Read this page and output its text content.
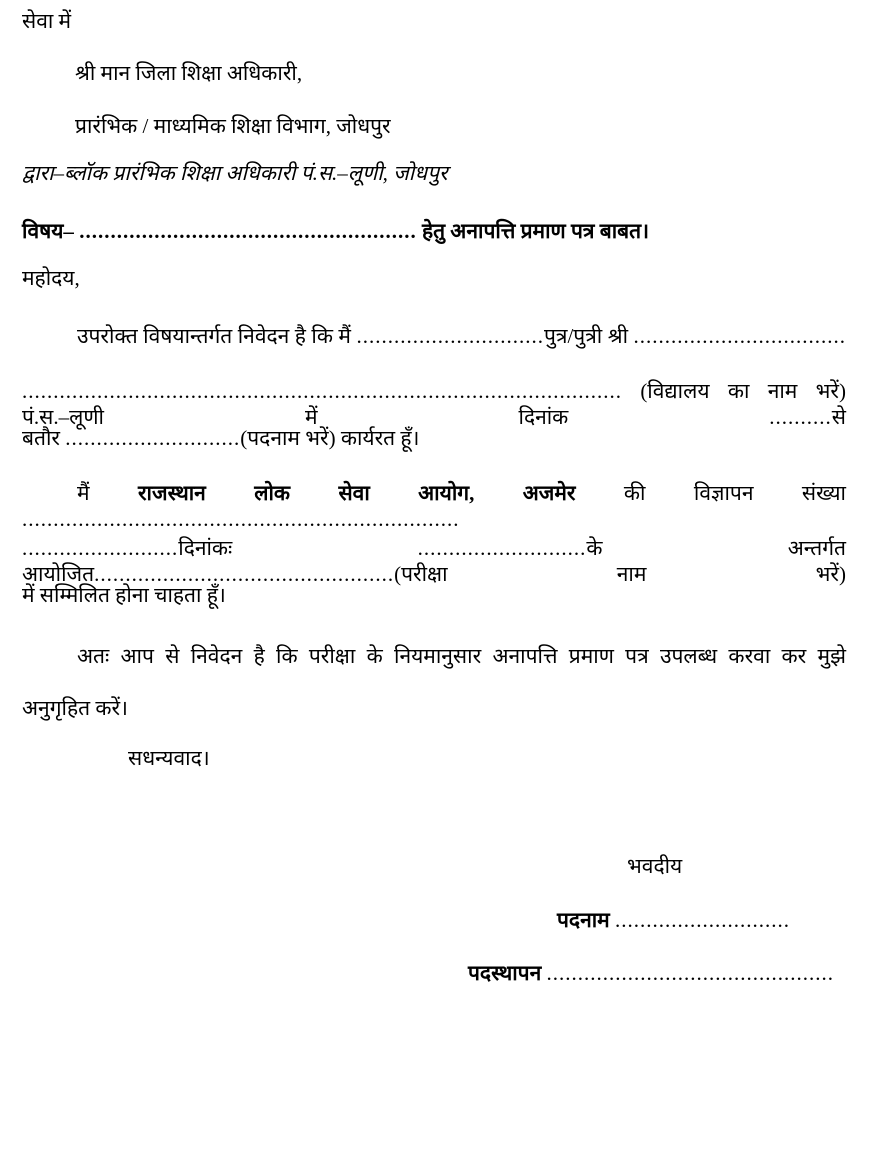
सेवा में
श्री मान जिला शिक्षा अधिकारी,
प्रारंभिक / माध्यमिक शिक्षा विभाग, जोधपुर
द्वारा–ब्लॉक प्रारंभिक शिक्षा अधिकारी पं.स.–लूणी, जोधपुर
विषय– ...................................................... हेतु अनापत्ति प्रमाण पत्र बाबत।
महोदय,
उपरोक्त विषयान्तर्गत निवेदन है कि मैं ..............................पुत्र/पुत्री श्री ..................................
................................................................................................ (विद्यालय का नाम भरें) पं.स.–लूणी में दिनांक	..........से
बतौर ............................(पदनाम भरें) कार्यरत हूँ।
मैं राजस्थान लोक सेवा आयोग, अजमेर की विज्ञापन संख्या ......................................................................
.........................दिनांकः	...........................के अन्तर्गत आयोजित................................................(परीक्षा नाम भरें)
में सम्मिलित होना चाहता हूँ।
अतः आप से निवेदन है कि परीक्षा के नियमानुसार अनापत्ति प्रमाण पत्र उपलब्ध करवा कर मुझे
अनुगृहित करें।
सधन्यवाद।
भवदीय
पदनाम ............................
पदस्थापन ..............................................
